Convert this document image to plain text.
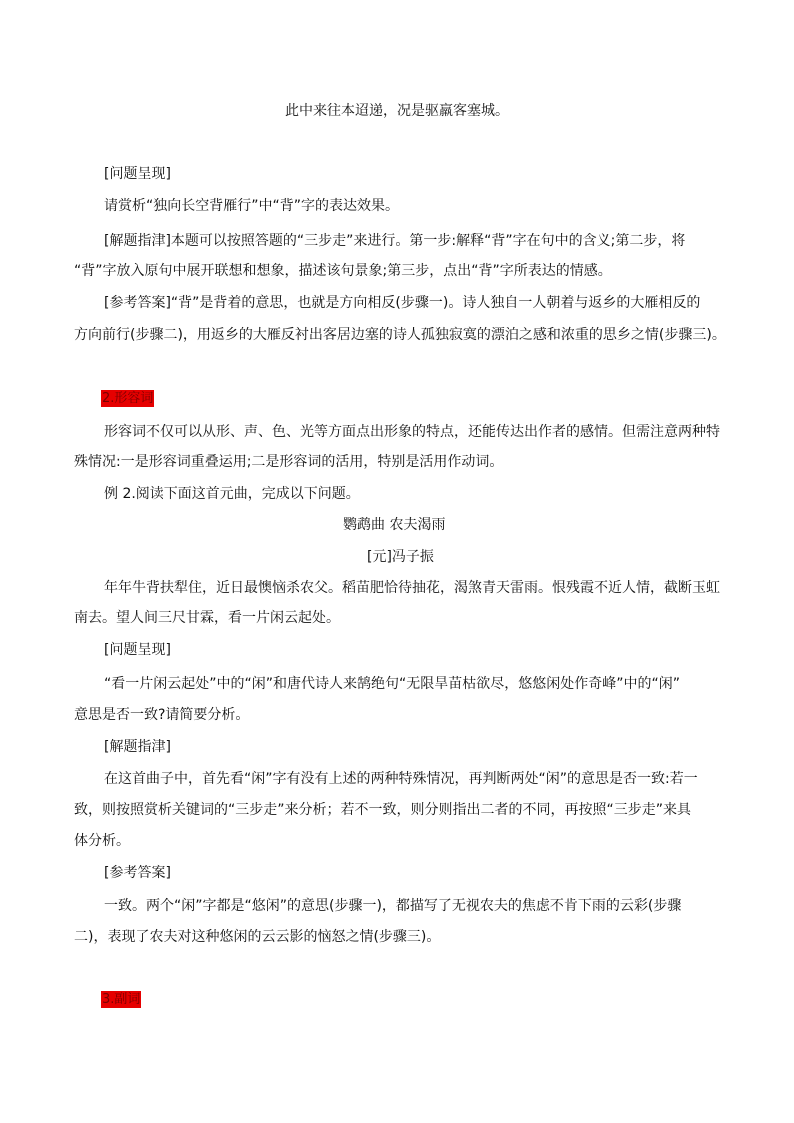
此中来往本迢递，况是驱羸客塞城。
[问题呈现]
请赏析“独向长空背雁行”中“背”字的表达效果。
[解题指津]本题可以按照答题的“三步走”来进行。第一步:解释“背”字在句中的含义;第二步，将
“背”字放入原句中展开联想和想象，描述该句景象;第三步，点出“背”字所表达的情感。
[参考答案]“背”是背着的意思，也就是方向相反(步骤一)。诗人独自一人朝着与返乡的大雁相反的
方向前行(步骤二)，用返乡的大雁反衬出客居边塞的诗人孤独寂寞的漂泊之感和浓重的思乡之情(步骤三)。
2.形容词
形容词不仅可以从形、声、色、光等方面点出形象的特点，还能传达出作者的感情。但需注意两种特
殊情况:一是形容词重叠运用;二是形容词的活用，特别是活用作动词。
例 2.阅读下面这首元曲，完成以下问题。
鹦鹉曲 农夫渴雨
[元]冯子振
年年牛背扶犁住，近日最懊恼杀农父。稻苗肥恰待抽花，渴煞青天雷雨。恨残霞不近人情，截断玉虹
南去。望人间三尺甘霖，看一片闲云起处。
[问题呈现]
“看一片闲云起处”中的“闲”和唐代诗人来鹄绝句“无限旱苗枯欲尽，悠悠闲处作奇峰”中的“闲”
意思是否一致?请简要分析。
[解题指津]
在这首曲子中，首先看“闲”字有没有上述的两种特殊情况，再判断两处“闲”的意思是否一致:若一
致，则按照赏析关键词的“三步走”来分析；若不一致，则分则指出二者的不同，再按照“三步走”来具
体分析。
[参考答案]
一致。两个“闲”字都是“悠闲”的意思(步骤一)，都描写了无视农夫的焦虑不肯下雨的云彩(步骤
二)，表现了农夫对这种悠闲的云云影的恼怒之情(步骤三)。
3.副词
